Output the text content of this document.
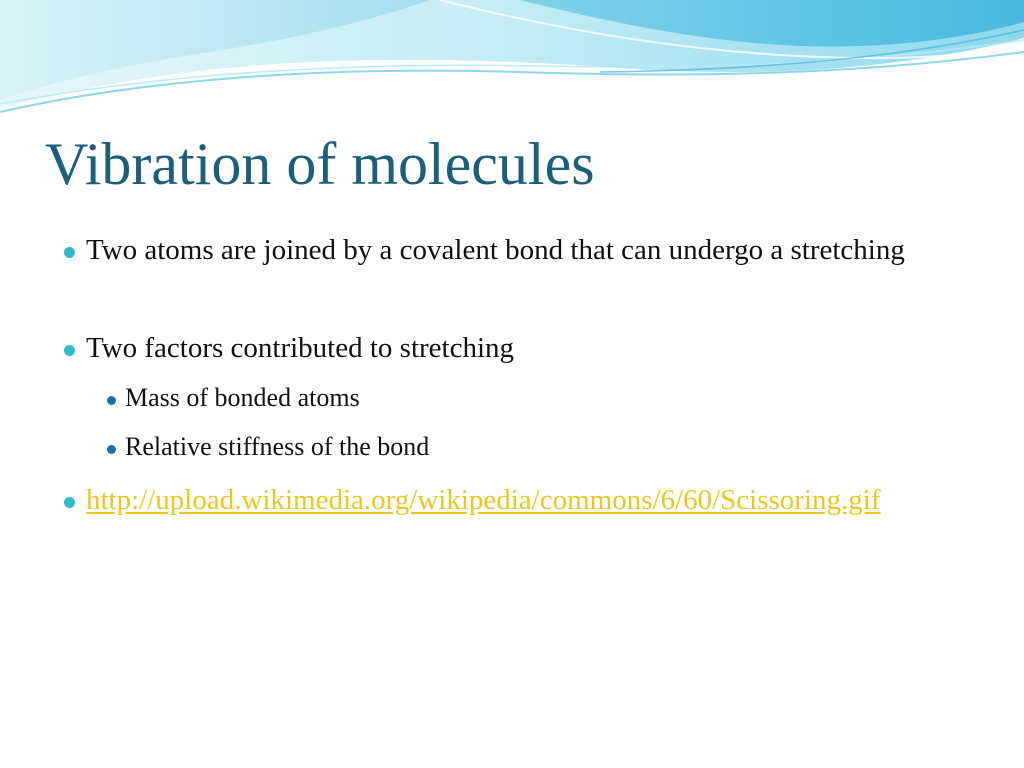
Vibration of molecules
Two atoms are joined by a covalent bond that can undergo a stretching
Two factors contributed to stretching
Mass of bonded atoms
Relative stiffness of the bond
http://upload.wikimedia.org/wikipedia/commons/6/60/Scissoring.gif
